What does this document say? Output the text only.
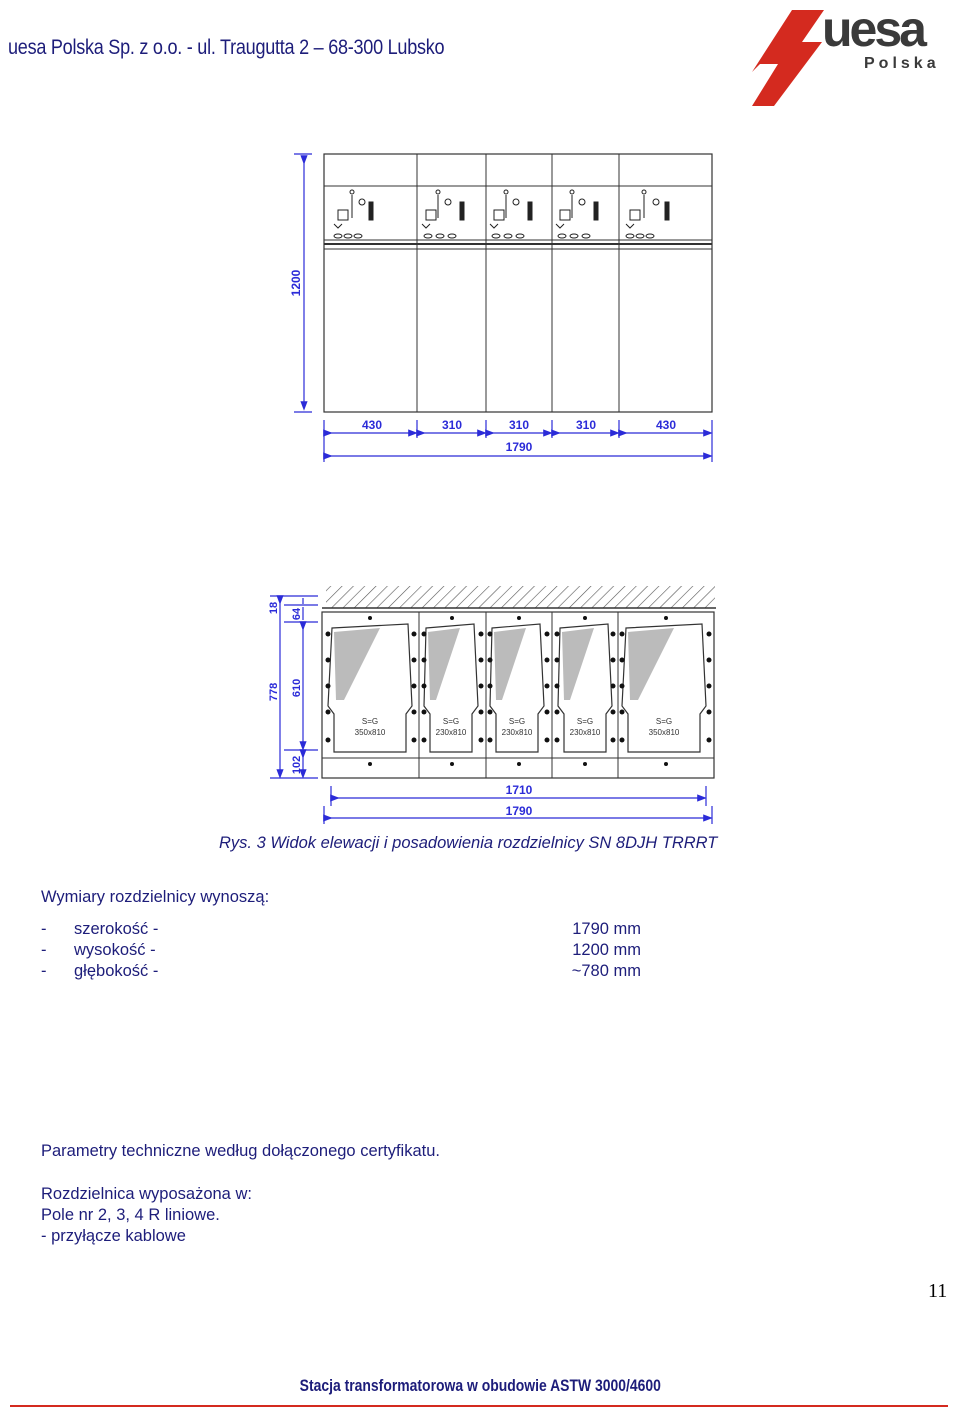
uesa Polska Sp. z o.o. - ul. Traugutta 2 – 68-300 Lubsko	uesa
Polska
1200
430	310	310	310	430
1790
S=G
350x810
S=G
230x810
S=G
230x810
S=G
230x810
S=G
350x810
18 64
610
102
778
1710
1790
Rys. 3 Widok elewacji i posadowienia rozdzielnicy SN 8DJH TRRRT
Wymiary rozdzielnicy wynoszą:
- szerokość -	1790 mm
- wysokość -	1200 mm
- głębokość -	~780 mm
Parametry techniczne według dołączonego certyfikatu.
Rozdzielnica wyposażona w:
Pole nr 2, 3, 4 R liniowe.
- przyłącze kablowe
11
Stacja transformatorowa w obudowie ASTW 3000/4600
